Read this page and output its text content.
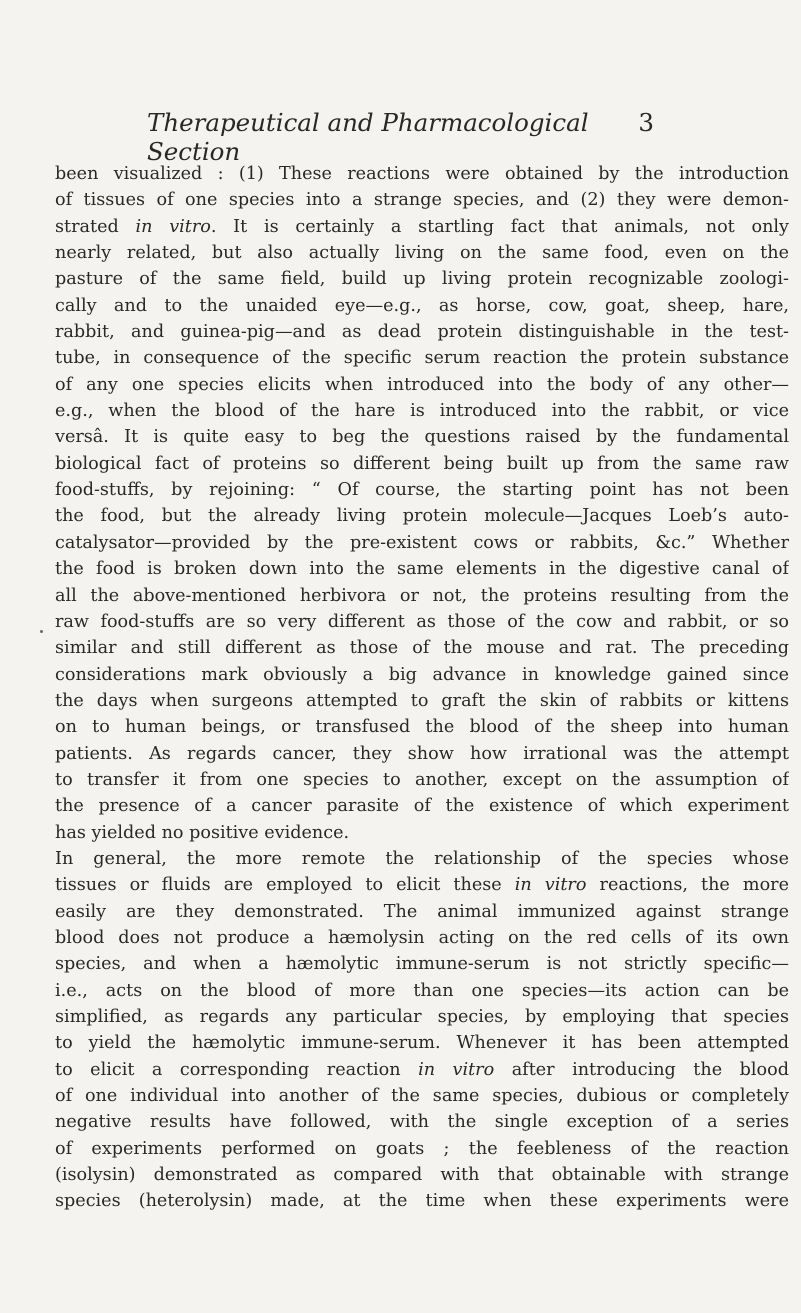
Therapeutical and Pharmacological Section
3
been visualized : (1) These reactions were obtained by the introduction
of tissues of one species into a strange species, and (2) they were demon-
strated in vitro. It is certainly a startling fact that animals, not only
nearly related, but also actually living on the same food, even on the
pasture of the same field, build up living protein recognizable zoologi-
cally and to the unaided eye—e.g., as horse, cow, goat, sheep, hare,
rabbit, and guinea-pig—and as dead protein distinguishable in the test-
tube, in consequence of the specific serum reaction the protein substance
of any one species elicits when introduced into the body of any other—
e.g., when the blood of the hare is introduced into the rabbit, or vice
versâ. It is quite easy to beg the questions raised by the fundamental
biological fact of proteins so different being built up from the same raw
food-stuffs, by rejoining: “ Of course, the starting point has not been
the food, but the already living protein molecule—Jacques Loeb’s auto-
catalysator—provided by the pre-existent cows or rabbits, &c.” Whether
the food is broken down into the same elements in the digestive canal of
all the above-mentioned herbivora or not, the proteins resulting from the
raw food-stuffs are so very different as those of the cow and rabbit, or so
similar and still different as those of the mouse and rat. The preceding
considerations mark obviously a big advance in knowledge gained since
the days when surgeons attempted to graft the skin of rabbits or kittens
on to human beings, or transfused the blood of the sheep into human
patients. As regards cancer, they show how irrational was the attempt
to transfer it from one species to another, except on the assumption of
the presence of a cancer parasite of the existence of which experiment
has yielded no positive evidence.
In general, the more remote the relationship of the species whose
tissues or fluids are employed to elicit these in vitro reactions, the more
easily are they demonstrated. The animal immunized against strange
blood does not produce a hæmolysin acting on the red cells of its own
species, and when a hæmolytic immune-serum is not strictly specific—
i.e., acts on the blood of more than one species—its action can be
simplified, as regards any particular species, by employing that species
to yield the hæmolytic immune-serum. Whenever it has been attempted
to elicit a corresponding reaction in vitro after introducing the blood
of one individual into another of the same species, dubious or completely
negative results have followed, with the single exception of a series
of experiments performed on goats ; the feebleness of the reaction
(isolysin) demonstrated as compared with that obtainable with strange
species (heterolysin) made, at the time when these experiments were
